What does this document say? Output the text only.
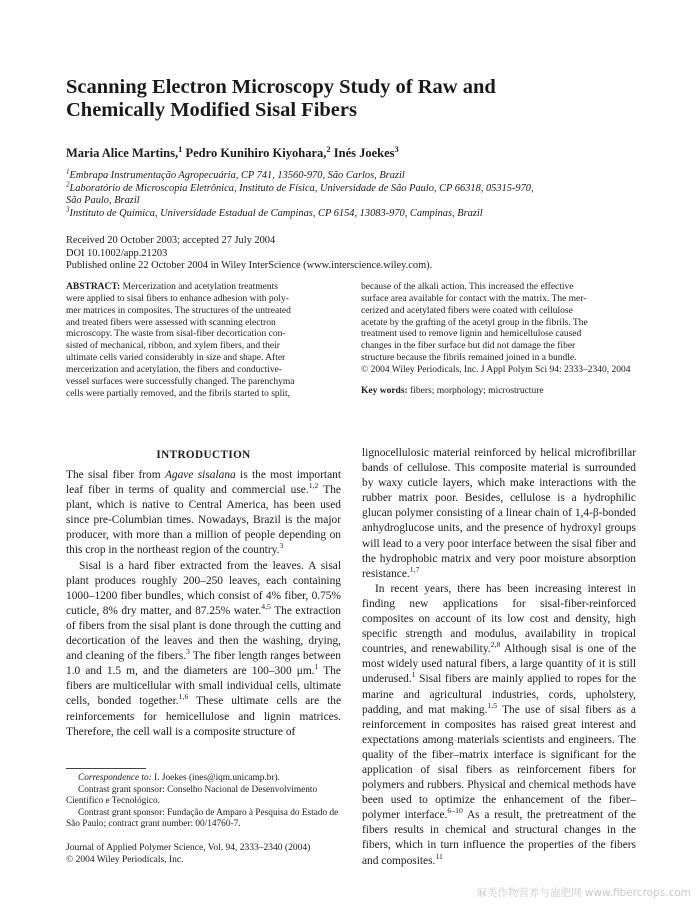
Scanning Electron Microscopy Study of Raw and
Chemically Modified Sisal Fibers
Maria Alice Martins,$^1$ Pedro Kunihiro Kiyohara,$^2$ Inés Joekes$^3$
$^1$Embrapa Instrumentação Agropecuária, CP 741, 13560-970, São Carlos, Brazil
$^2$Laboratório de Microscopia Eletrônica, Instituto de Física, Universidade de São Paulo, CP 66318, 05315-970,
São Paulo, Brazil
$^3$Instituto de Química, Universidade Estadual de Campinas, CP 6154, 13083-970, Campinas, Brazil
Received 20 October 2003; accepted 27 July 2004
DOI 10.1002/app.21203
Published online 22 October 2004 in Wiley InterScience (www.interscience.wiley.com).
ABSTRACT: Mercerization and acetylation treatments
were applied to sisal fibers to enhance adhesion with poly-
mer matrices in composites. The structures of the untreated
and treated fibers were assessed with scanning electron
microscopy. The waste from sisal-fiber decortication con-
sisted of mechanical, ribbon, and xylem fibers, and their
ultimate cells varied considerably in size and shape. After
mercerization and acetylation, the fibers and conductive-
vessel surfaces were successfully changed. The parenchyma
cells were partially removed, and the fibrils started to split,
because of the alkali action. This increased the effective
surface area available for contact with the matrix. The mer-
cerized and acetylated fibers were coated with cellulose
acetate by the grafting of the acetyl group in the fibrils. The
treatment used to remove lignin and hemicellulose caused
changes in the fiber surface but did not damage the fiber
structure because the fibrils remained joined in a bundle.
© 2004 Wiley Periodicals, Inc. J Appl Polym Sci 94: 2333–2340, 2004
Key words: fibers; morphology; microstructure
INTRODUCTION

The sisal fiber from Agave sisalana is the most important leaf fiber in terms of quality and commercial use.$^{1,2}$ The plant, which is native to Central America, has been used since pre-Columbian times. Nowadays, Brazil is the major producer, with more than a million of people depending on this crop in the northeast region of the country.$^3$

Sisal is a hard fiber extracted from the leaves. A sisal plant produces roughly 200–250 leaves, each containing 1000–1200 fiber bundles, which consist of 4% fiber, 0.75% cuticle, 8% dry matter, and 87.25% water.$^{4,5}$ The extraction of fibers from the sisal plant is done through the cutting and decortication of the leaves and then the washing, drying, and cleaning of the fibers.$^3$ The fiber length ranges between 1.0 and 1.5 m, and the diameters are 100–300 μm.$^1$ The fibers are multicellular with small individual cells, ultimate cells, bonded together.$^{1,6}$ These ultimate cells are the reinforcements for hemicellulose and lignin matrices. Therefore, the cell wall is a composite structure of

lignocellulosic material reinforced by helical microfibrillar bands of cellulose. This composite material is surrounded by waxy cuticle layers, which make interactions with the rubber matrix poor. Besides, cellulose is a hydrophilic glucan polymer consisting of a linear chain of 1,4-β-bonded anhydroglucose units, and the presence of hydroxyl groups will lead to a very poor interface between the sisal fiber and the hydrophobic matrix and very poor moisture absorption resistance.$^{1,7}$

In recent years, there has been increasing interest in finding new applications for sisal-fiber-reinforced composites on account of its low cost and density, high specific strength and modulus, availability in tropical countries, and renewability.$^{2,8}$ Although sisal is one of the most widely used natural fibers, a large quantity of it is still underused.$^1$ Sisal fibers are mainly applied to ropes for the marine and agricultural industries, cords, upholstery, padding, and mat making.$^{1,5}$ The use of sisal fibers as a reinforcement in composites has raised great interest and expectations among materials scientists and engineers. The quality of the fiber–matrix interface is significant for the application of sisal fibers as reinforcement fibers for polymers and rubbers. Physical and chemical methods have been used to optimize the enhancement of the fiber–polymer interface.$^{6-10}$ As a result, the pretreatment of the fibers results in chemical and structural changes in the fibers, which in turn influence the properties of the fibers and composites.$^{11}$

Correspondence to: I. Joekes (ines@iqm.unicamp.br).

Contrast grant sponsor: Conselho Nacional de Desenvolvimento Científico e Tecnológico.

Contrast grant sponsor: Fundação de Amparo à Pesquisa do Estado de São Paulo; contract grant number: 00/14760-7.

Journal of Applied Polymer Science, Vol. 94, 2333–2340 (2004)
© 2004 Wiley Periodicals, Inc.
麻类作物营养与施肥网 www.fibercrops.com
